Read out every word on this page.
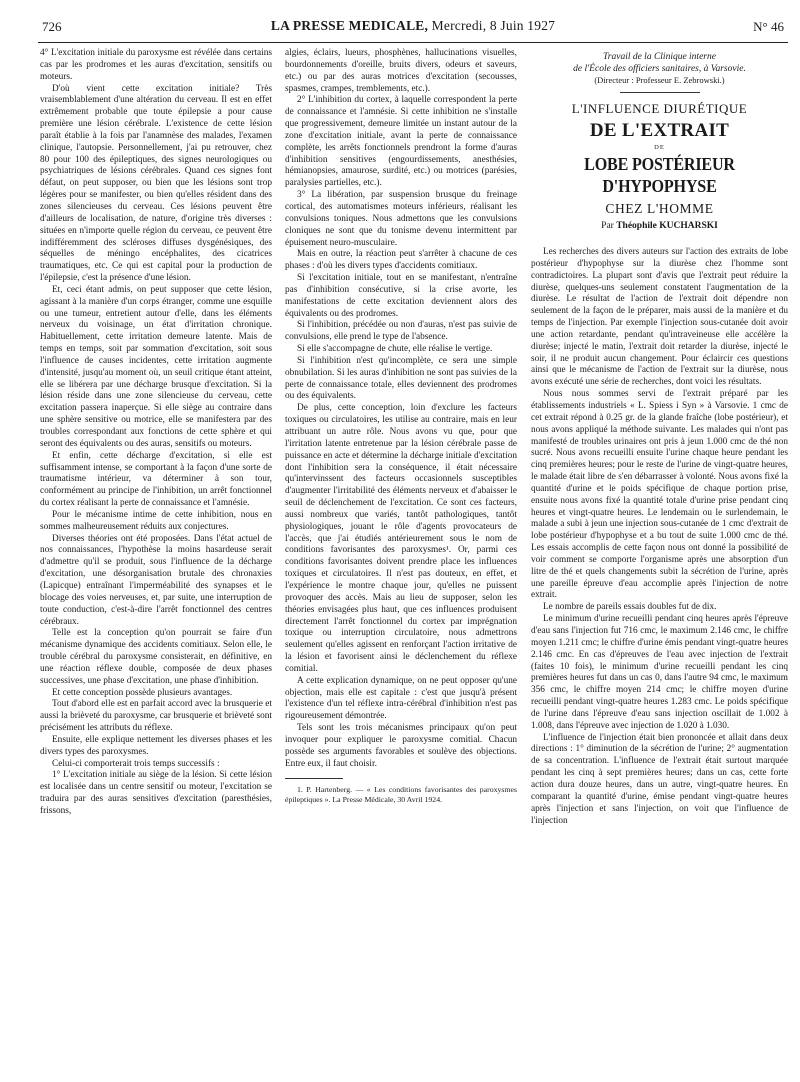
726	LA PRESSE MEDICALE, Mercredi, 8 Juin 1927	N° 46

4° L'excitation initiale du paroxysme est révélée dans certains cas par les prodromes et les auras d'excitation, sensitifs ou moteurs.

D'où vient cette excitation initiale? Très vraisemblablement d'une altération du cerveau. Il est en effet extrêmement probable que toute épilepsie a pour cause première une lésion cérébrale. L'existence de cette lésion paraît établie à la fois par l'anamnèse des malades, l'examen clinique, l'autopsie. Personnellement, j'ai pu retrouver, chez 80 pour 100 des épileptiques, des signes neurologiques ou psychiatriques de lésions cérébrales. Quand ces signes font défaut, on peut supposer, ou bien que les lésions sont trop légères pour se manifester, ou bien qu'elles résident dans des zones silencieuses du cerveau. Ces lésions peuvent être d'ailleurs de localisation, de nature, d'origine très diverses : situées en n'importe quelle région du cerveau, ce peuvent être indifféremment des scléroses diffuses dysgénésiques, des séquelles de méningo encéphalites, des cicatrices traumatiques, etc. Ce qui est capital pour la production de l'épilepsie, c'est la présence d'une lésion.

Et, ceci étant admis, on peut supposer que cette lésion, agissant à la manière d'un corps étranger, comme une esquille ou une tumeur, entretient autour d'elle, dans les éléments nerveux du voisinage, un état d'irritation chronique. Habituellement, cette irritation demeure latente. Mais de temps en temps, soit par sommation d'excitation, soit sous l'influence de causes incidentes, cette irritation augmente d'intensité, jusqu'au moment où, un seuil critique étant atteint, elle se libérera par une décharge brusque d'excitation. Si la lésion réside dans une zone silencieuse du cerveau, cette excitation passera inaperçue. Si elle siège au contraire dans une sphère sensitive ou motrice, elle se manifestera par des troubles correspondant aux fonctions de cette sphère et qui seront des équivalents ou des auras, sensitifs ou moteurs.

Et enfin, cette décharge d'excitation, si elle est suffisamment intense, se comportant à la façon d'une sorte de traumatisme intérieur, va déterminer à son tour, conformément au principe de l'inhibition, un arrêt fonctionnel du cortex réalisant la perte de connaissance et l'amnésie.

Pour le mécanisme intime de cette inhibition, nous en sommes malheureusement réduits aux conjectures.

Diverses théories ont été proposées. Dans l'état actuel de nos connaissances, l'hypothèse la moins hasardeuse serait d'admettre qu'il se produit, sous l'influence de la décharge d'excitation, une désorganisation brutale des chronaxies (Lapicque) entraînant l'imperméabilité des synapses et le blocage des voies nerveuses, et, par suite, une interruption de toute conduction, c'est-à-dire l'arrêt fonctionnel des centres cérébraux.

Telle est la conception qu'on pourrait se faire d'un mécanisme dynamique des accidents comitiaux. Selon elle, le trouble cérébral du paroxysme consisterait, en définitive, en une réaction réflexe double, composée de deux phases successives, une phase d'excitation, une phase d'inhibition.

Et cette conception possède plusieurs avantages.

Tout d'abord elle est en parfait accord avec la brusquerie et aussi la brièveté du paroxysme, car brusquerie et brièveté sont précisément les attributs du réflexe.

Ensuite, elle explique nettement les diverses phases et les divers types des paroxysmes.

Celui-ci comporterait trois temps successifs :

1° L'excitation initiale au siège de la lésion. Si cette lésion est localisée dans un centre sensitif ou moteur, l'excitation se traduira par des auras sensitives d'excitation (paresthésies, frissons,

algies, éclairs, lueurs, phosphènes, hallucinations visuelles, bourdonnements d'oreille, bruits divers, odeurs et saveurs, etc.) ou par des auras motrices d'excitation (secousses, spasmes, crampes, tremblements, etc.).

2° L'inhibition du cortex, à laquelle correspondent la perte de connaissance et l'amnésie. Si cette inhibition ne s'installe que progressivement, demeure limitée un instant autour de la zone d'excitation initiale, avant la perte de connaissance complète, les arrêts fonctionnels prendront la forme d'auras d'inhibition sensitives (engourdissements, anesthésies, hémianopsies, amaurose, surdité, etc.) ou motrices (parésies, paralysies partielles, etc.).

3° La libération, par suspension brusque du freinage cortical, des automatismes moteurs inférieurs, réalisant les convulsions toniques. Nous admettons que les convulsions cloniques ne sont que du tonisme devenu intermittent par épuisement neuro-musculaire.

Mais en outre, la réaction peut s'arrêter à chacune de ces phases : d'où les divers types d'accidents comitiaux.

Si l'excitation initiale, tout en se manifestant, n'entraîne pas d'inhibition consécutive, si la crise avorte, les manifestations de cette excitation deviennent alors des équivalents ou des prodromes.

Si l'inhibition, précédée ou non d'auras, n'est pas suivie de convulsions, elle prend le type de l'absence.

Si elle s'accompagne de chute, elle réalise le vertige.

Si l'inhibition n'est qu'incomplète, ce sera une simple obnubilation. Si les auras d'inhibition ne sont pas suivies de la perte de connaissance totale, elles deviennent des prodromes ou des équivalents.

De plus, cette conception, loin d'exclure les facteurs toxiques ou circulatoires, les utilise au contraire, mais en leur attribuant un autre rôle. Nous avons vu que, pour que l'irritation latente entretenue par la lésion cérébrale passe de puissance en acte et détermine la décharge initiale d'excitation dont l'inhibition sera la conséquence, il était nécessaire qu'intervinssent des facteurs occasionnels susceptibles d'augmenter l'irritabilité des éléments nerveux et d'abaisser le seuil de déclenchement de l'excitation. Ce sont ces facteurs, aussi nombreux que variés, tantôt pathologiques, tantôt physiologiques, jouant le rôle d'agents provocateurs de l'accès, que j'ai étudiés antérieurement sous le nom de conditions favorisantes des paroxysmes¹. Or, parmi ces conditions favorisantes doivent prendre place les influences toxiques et circulatoires. Il n'est pas douteux, en effet, et l'expérience le montre chaque jour, qu'elles ne puissent provoquer des accès. Mais au lieu de supposer, selon les théories envisagées plus haut, que ces influences produisent directement l'arrêt fonctionnel du cortex par imprégnation toxique ou interruption circulatoire, nous admettrons seulement qu'elles agissent en renforçant l'action irritative de la lésion et favorisent ainsi le déclenchement du réflexe comitial.

A cette explication dynamique, on ne peut opposer qu'une objection, mais elle est capitale : c'est que jusqu'à présent l'existence d'un tel réflexe intra-cérébral d'inhibition n'est pas rigoureusement démontrée.

Tels sont les trois mécanismes principaux qu'on peut invoquer pour expliquer le paroxysme comitial. Chacun possède ses arguments favorables et soulève des objections. Entre eux, il faut choisir.

1. P. Hartenberg. — « Les conditions favorisantes des paroxysmes épileptiques ». La Presse Médicale, 30 Avril 1924.

Travail de la Clinique interne
de l'École des officiers sanitaires, à Varsovie.
(Directeur : Professeur E. Zebrowski.)
L'INFLUENCE DIURÉTIQUE
DE L'EXTRAIT
DE
LOBE POSTÉRIEUR D'HYPOPHYSE
CHEZ L'HOMME
Par Théophile KUCHARSKI

Les recherches des divers auteurs sur l'action des extraits de lobe postérieur d'hypophyse sur la diurèse chez l'homme sont contradictoires. La plupart sont d'avis que l'extrait peut réduire la diurèse, quelques-uns seulement constatent l'augmentation de la diurèse. Le résultat de l'action de l'extrait doit dépendre non seulement de la façon de le préparer, mais aussi de la manière et du temps de l'injection. Par exemple l'injection sous-cutanée doit avoir une action retardante, pendant qu'intraveineuse elle accélère la diurèse; injecté le matin, l'extrait doit retarder la diurèse, injecté le soir, il ne produit aucun changement. Pour éclaircir ces questions ainsi que le mécanisme de l'action de l'extrait sur la diurèse, nous avons exécuté une série de recherches, dont voici les résultats.

Nous nous sommes servi de l'extrait préparé par les établissements industriels « L. Spiess i Syn » à Varsovie. 1 cmc de cet extrait répond à 0.25 gr. de la glande fraîche (lobe postérieur), et nous avons appliqué la méthode suivante. Les malades qui n'ont pas manifesté de troubles urinaires ont pris à jeun 1.000 cmc de thé non sucré. Nous avons recueilli ensuite l'urine chaque heure pendant les cinq premières heures; pour le reste de l'urine de vingt-quatre heures, le malade était libre de s'en débarrasser à volonté. Nous avons fixé la quantité d'urine et le poids spécifique de chaque portion prise, ensuite nous avons fixé la quantité totale d'urine prise pendant cinq heures et vingt-quatre heures. Le lendemain ou le surlendemain, le malade a subi à jeun une injection sous-cutanée de 1 cmc d'extrait de lobe postérieur d'hypophyse et a bu tout de suite 1.000 cmc de thé. Les essais accomplis de cette façon nous ont donné la possibilité de voir comment se comporte l'organisme après une absorption d'un litre de thé et quels changements subit la sécrétion de l'urine, après une pareille épreuve d'eau accomplie après l'injection de notre extrait.

Le nombre de pareils essais doubles fut de dix.

Le minimum d'urine recueilli pendant cinq heures après l'épreuve d'eau sans l'injection fut 716 cmc, le maximum 2.146 cmc, le chiffre moyen 1.211 cmc; le chiffre d'urine émis pendant vingt-quatre heures 2.146 cmc. En cas d'épreuves de l'eau avec injection de l'extrait (faites 10 fois), le minimum d'urine recueilli pendant les cinq premières heures fut dans un cas 0, dans l'autre 94 cmc, le maximum 356 cmc, le chiffre moyen 214 cmc; le chiffre moyen d'urine recueilli pendant vingt-quatre heures 1.283 cmc. Le poids spécifique de l'urine dans l'épreuve d'eau sans injection oscillait de 1.002 à 1.008, dans l'épreuve avec injection de 1.020 à 1.030.

L'influence de l'injection était bien prononcée et allait dans deux directions : 1° diminution de la sécrétion de l'urine; 2° augmentation de sa concentration. L'influence de l'extrait était surtout marquée pendant les cinq à sept premières heures; dans un cas, cette forte action dura douze heures, dans un autre, vingt-quatre heures. En comparant la quantité d'urine, émise pendant vingt-quatre heures après l'injection et sans l'injection, on voit que l'influence de l'injection
